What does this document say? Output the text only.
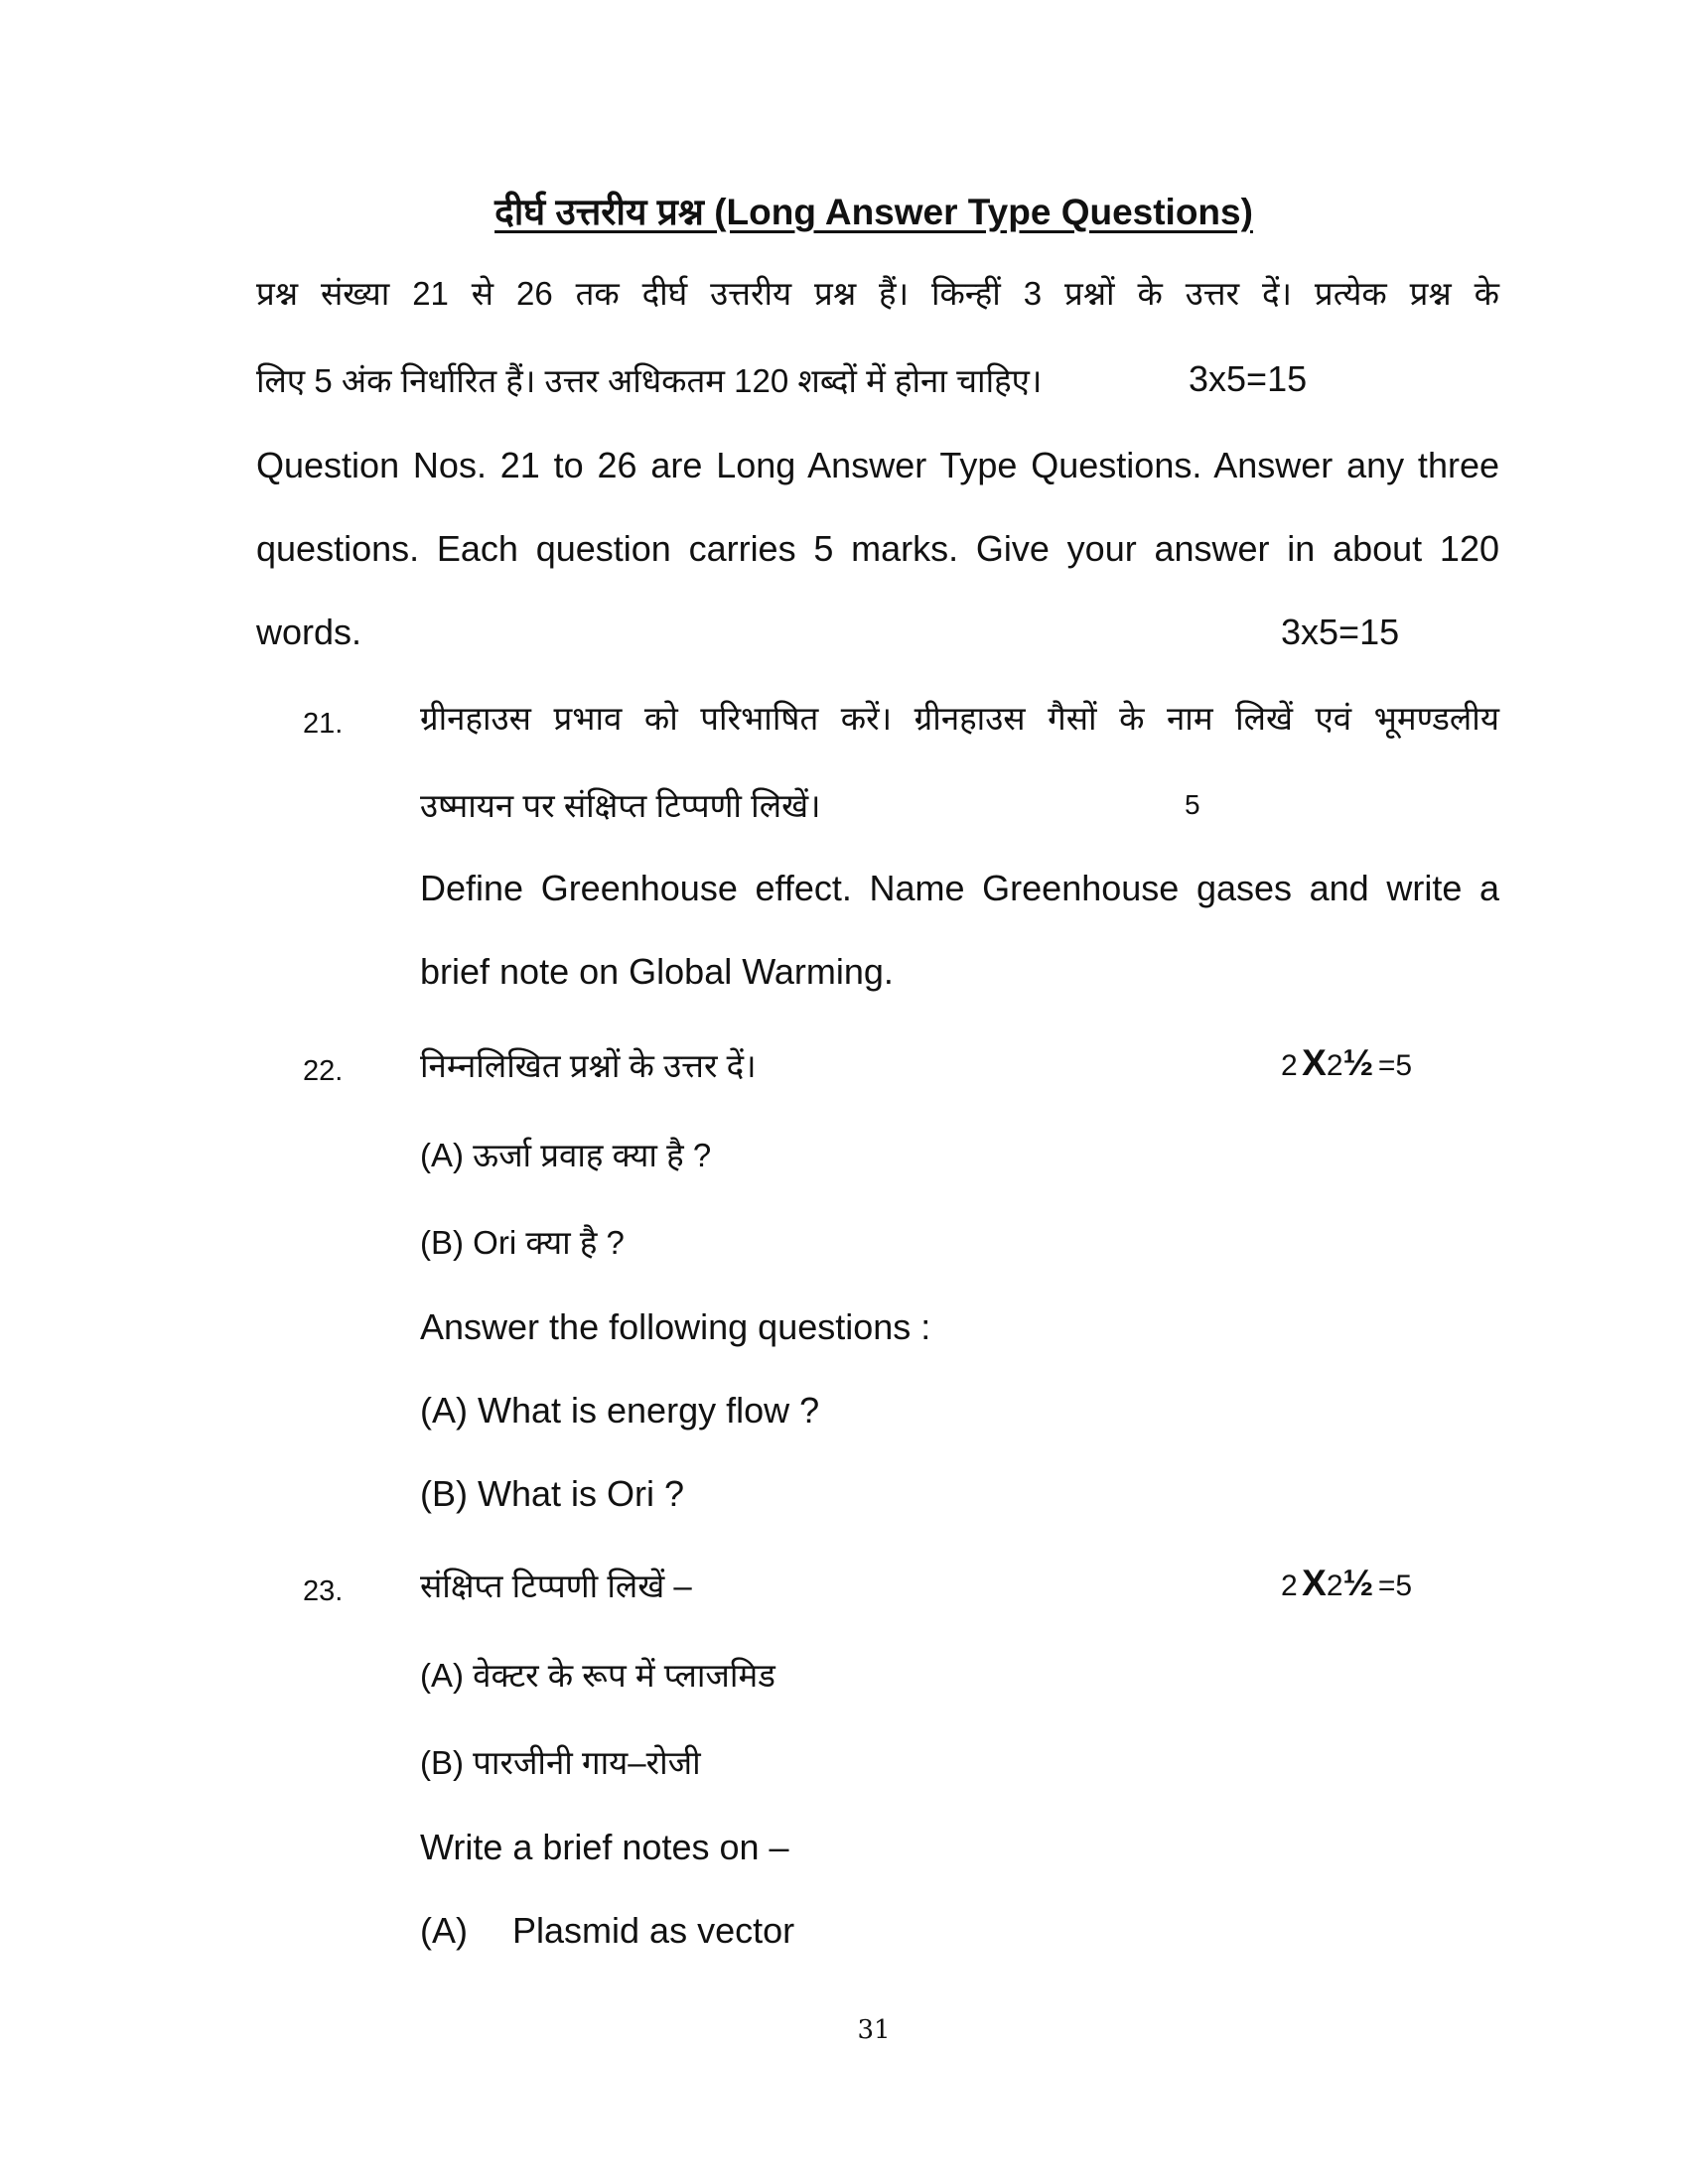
दीर्घ उत्तरीय प्रश्न (Long Answer Type Questions)
प्रश्न संख्या 21 से 26 तक दीर्घ उत्तरीय प्रश्न हैं। किन्हीं 3 प्रश्नों के उत्तर दें। प्रत्येक प्रश्न के
लिए 5 अंक निर्धारित हैं। उत्तर अधिकतम 120 शब्दों में होना चाहिए।	3x5=15
Question Nos. 21 to 26 are Long Answer Type Questions. Answer any three
questions. Each question carries 5 marks. Give your answer in about 120
words.	3x5=15
21. ग्रीनहाउस प्रभाव को परिभाषित करें। ग्रीनहाउस गैसों के नाम लिखें एवं भूमण्डलीय
उष्मायन पर संक्षिप्त टिप्पणी लिखें।	5
Define Greenhouse effect. Name Greenhouse gases and write a
brief note on Global Warming.
22. निम्नलिखित प्रश्नों के उत्तर दें।	2 X2½ =5
(A) ऊर्जा प्रवाह क्या है ?
(B) Ori क्या है ?
Answer the following questions :
(A) What is energy flow ?
(B) What is Ori ?
23. संक्षिप्त टिप्पणी लिखें –	2 X2½ =5
(A) वेक्टर के रूप में प्लाजमिड
(B) पारजीनी गाय–रोजी
Write a brief notes on –
(A) Plasmid as vector
31
